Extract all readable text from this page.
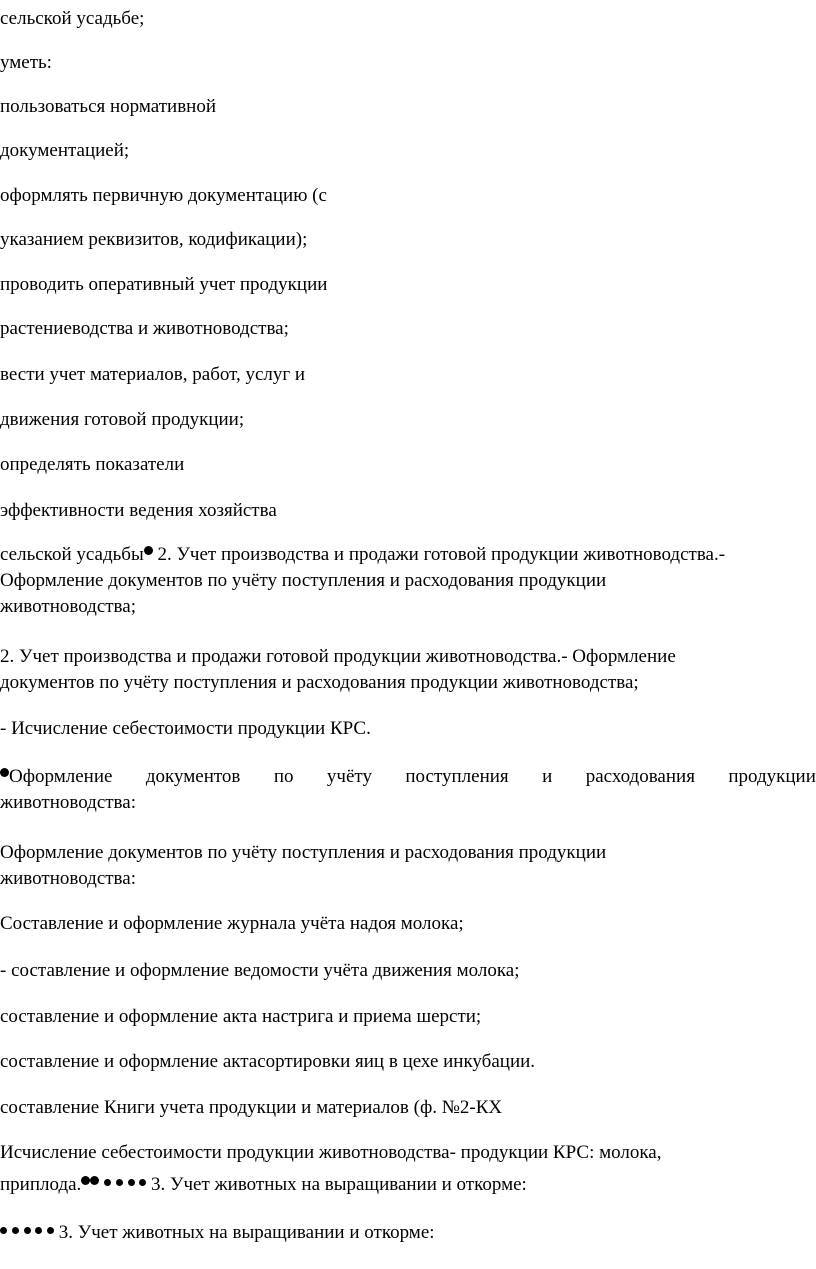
сельской усадьбе;
уметь:
пользоваться нормативной
документацией;
оформлять первичную документацию (с
указанием реквизитов, кодификации);
проводить оперативный учет продукции
растениеводства и животноводства;
вести учет материалов, работ, услуг и
движения готовой продукции;
определять показатели
эффективности ведения хозяйства
сельской усадьбы 2. Учет производства и продажи готовой продукции животноводства.-
Оформление документов по учёту поступления и расходования продукции
животноводства;
2. Учет производства и продажи готовой продукции животноводства.- Оформление
документов по учёту поступления и расходования продукции животноводства;
- Исчисление себестоимости продукции КРС.
Оформление документов по учёту поступления и расходования продукции
животноводства:
Оформление документов по учёту поступления и расходования продукции
животноводства:
Составление и оформление журнала учёта надоя молока;
- составление и оформление ведомости учёта движения молока;
составление и оформление акта настрига и приема шерсти;
составление и оформление актасортировки яиц в цехе инкубации.
составление Книги учета продукции и материалов (ф. №2-КХ
Исчисление себестоимости продукции животноводства- продукции КРС: молока,
приплода.	3. Учет животных на выращивании и откорме:
3. Учет животных на выращивании и откорме:
